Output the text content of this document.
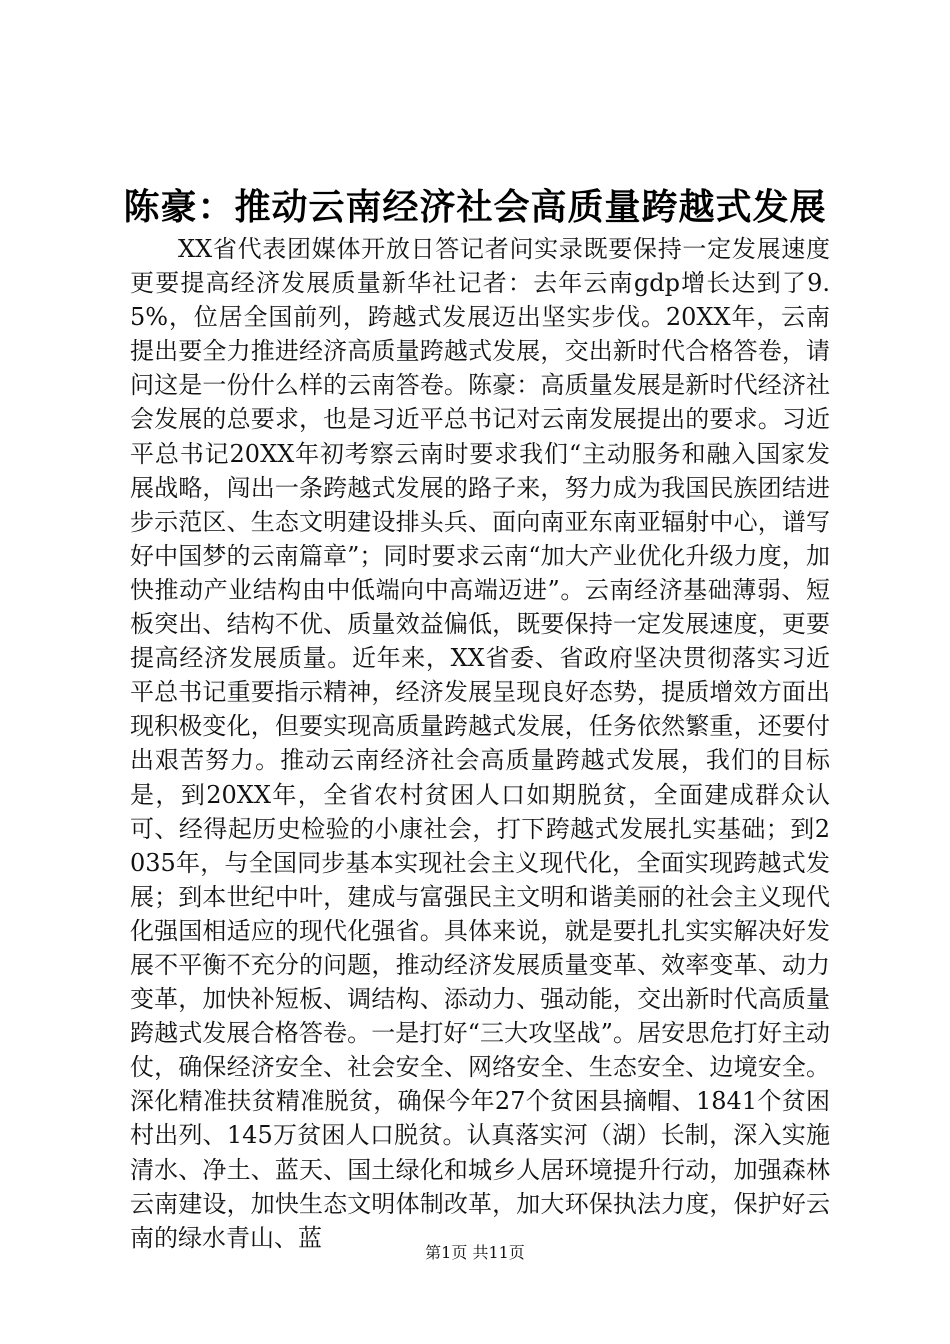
陈豪：推动云南经济社会高质量跨越式发展

XX省代表团媒体开放日答记者问实录既要保持一定发展速度更要提高经济发展质量新华社记者：去年云南gdp增长达到了9.5%，位居全国前列，跨越式发展迈出坚实步伐。20XX年，云南提出要全力推进经济高质量跨越式发展，交出新时代合格答卷，请问这是一份什么样的云南答卷。陈豪：高质量发展是新时代经济社会发展的总要求，也是习近平总书记对云南发展提出的要求。习近平总书记20XX年初考察云南时要求我们“主动服务和融入国家发展战略，闯出一条跨越式发展的路子来，努力成为我国民族团结进步示范区、生态文明建设排头兵、面向南亚东南亚辐射中心，谱写好中国梦的云南篇章”；同时要求云南“加大产业优化升级力度，加快推动产业结构由中低端向中高端迈进”。云南经济基础薄弱、短板突出、结构不优、质量效益偏低，既要保持一定发展速度，更要提高经济发展质量。近年来，XX省委、省政府坚决贯彻落实习近平总书记重要指示精神，经济发展呈现良好态势，提质增效方面出现积极变化，但要实现高质量跨越式发展，任务依然繁重，还要付出艰苦努力。推动云南经济社会高质量跨越式发展，我们的目标是，到20XX年，全省农村贫困人口如期脱贫，全面建成群众认可、经得起历史检验的小康社会，打下跨越式发展扎实基础；到2035年，与全国同步基本实现社会主义现代化，全面实现跨越式发展；到本世纪中叶，建成与富强民主文明和谐美丽的社会主义现代化强国相适应的现代化强省。具体来说，就是要扎扎实实解决好发展不平衡不充分的问题，推动经济发展质量变革、效率变革、动力变革，加快补短板、调结构、添动力、强动能，交出新时代高质量跨越式发展合格答卷。一是打好“三大攻坚战”。居安思危打好主动仗，确保经济安全、社会安全、网络安全、生态安全、边境安全。深化精准扶贫精准脱贫，确保今年27个贫困县摘帽、1841个贫困村出列、145万贫困人口脱贫。认真落实河（湖）长制，深入实施清水、净土、蓝天、国土绿化和城乡人居环境提升行动，加强森林云南建设，加快生态文明体制改革，加大环保执法力度，保护好云南的绿水青山、蓝

第1页 共11页
